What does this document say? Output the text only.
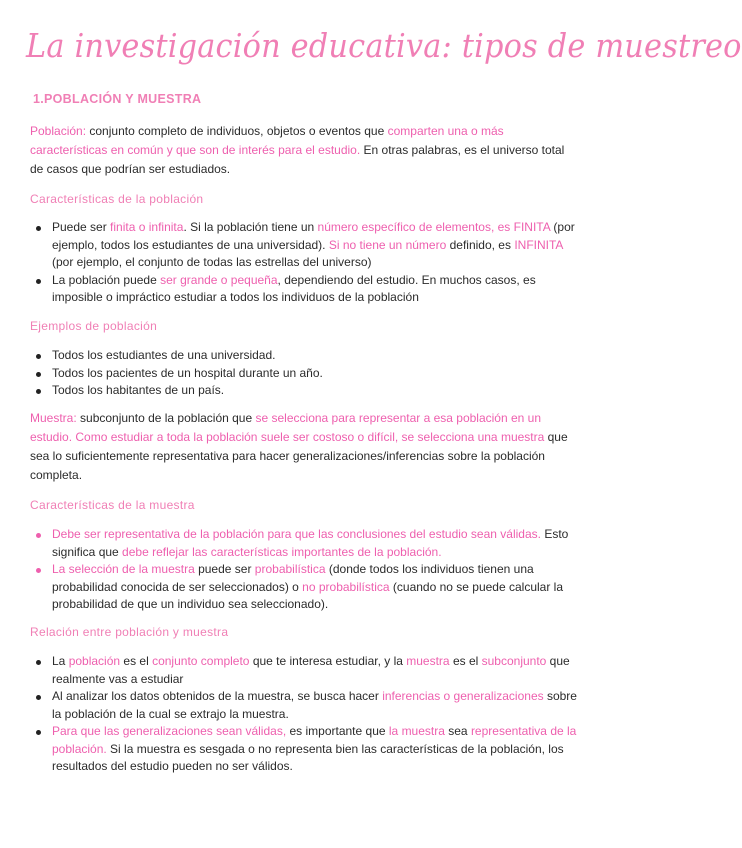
La investigación educativa: tipos de muestreo
1.POBLACIÓN Y MUESTRA
Población: conjunto completo de individuos, objetos o eventos que comparten una o más características en común y que son de interés para el estudio. En otras palabras, es el universo total de casos que podrían ser estudiados.
Características de la población
Puede ser finita o infinita. Si la población tiene un número específico de elementos, es FINITA (por ejemplo, todos los estudiantes de una universidad). Si no tiene un número definido, es INFINITA (por ejemplo, el conjunto de todas las estrellas del universo)
La población puede ser grande o pequeña, dependiendo del estudio. En muchos casos, es imposible o impráctico estudiar a todos los individuos de la población
Ejemplos de población
Todos los estudiantes de una universidad.
Todos los pacientes de un hospital durante un año.
Todos los habitantes de un país.
Muestra: subconjunto de la población que se selecciona para representar a esa población en un estudio. Como estudiar a toda la población suele ser costoso o difícil, se selecciona una muestra que sea lo suficientemente representativa para hacer generalizaciones/inferencias sobre la población completa.
Características de la muestra
Debe ser representativa de la población para que las conclusiones del estudio sean válidas. Esto significa que debe reflejar las características importantes de la población.
La selección de la muestra puede ser probabilística (donde todos los individuos tienen una probabilidad conocida de ser seleccionados) o no probabilística (cuando no se puede calcular la probabilidad de que un individuo sea seleccionado).
Relación entre población y muestra
La población es el conjunto completo que te interesa estudiar, y la muestra es el subconjunto que realmente vas a estudiar
Al analizar los datos obtenidos de la muestra, se busca hacer inferencias o generalizaciones sobre la población de la cual se extrajo la muestra.
Para que las generalizaciones sean válidas, es importante que la muestra sea representativa de la población. Si la muestra es sesgada o no representa bien las características de la población, los resultados del estudio pueden no ser válidos.
